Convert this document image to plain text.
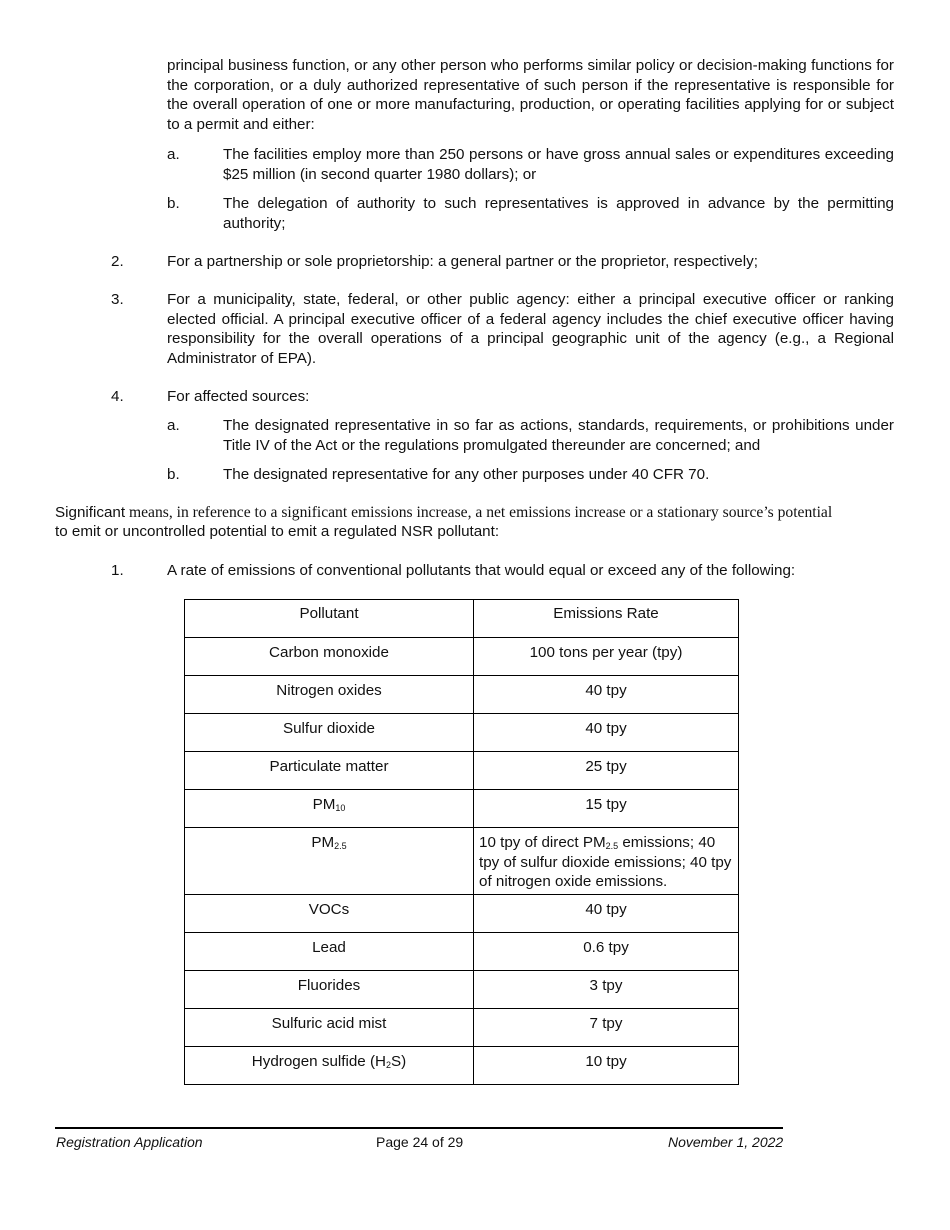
principal business function, or any other person who performs similar policy or decision-making functions for the corporation, or a duly authorized representative of such person if the representative is responsible for the overall operation of one or more manufacturing, production, or operating facilities applying for or subject to a permit and either:

a.	The facilities employ more than 250 persons or have gross annual sales or expenditures exceeding $25 million (in second quarter 1980 dollars); or

b.	The delegation of authority to such representatives is approved in advance by the permitting authority;

2.	For a partnership or sole proprietorship: a general partner or the proprietor, respectively;

3.	For a municipality, state, federal, or other public agency: either a principal executive officer or ranking elected official. A principal executive officer of a federal agency includes the chief executive officer having responsibility for the overall operations of a principal geographic unit of the agency (e.g., a Regional Administrator of EPA).

4.	For affected sources:

a.	The designated representative in so far as actions, standards, requirements, or prohibitions under Title IV of the Act or the regulations promulgated thereunder are concerned; and

b.	The designated representative for any other purposes under 40 CFR 70.

Significant means, in reference to a significant emissions increase, a net emissions increase or a stationary source’s potential

to emit or uncontrolled potential to emit a regulated NSR pollutant:

1.	A rate of emissions of conventional pollutants that would equal or exceed any of the following:

Pollutant	Emissions Rate
Carbon monoxide	100 tons per year (tpy)
Nitrogen oxides	40 tpy
Sulfur dioxide	40 tpy
Particulate matter	25 tpy
$PM_{10}$	15 tpy
$PM_{2.5}$	10 tpy of direct $PM_{2.5}$ emissions; 40 tpy of sulfur dioxide emissions; 40 tpy of nitrogen oxide emissions.
VOCs	40 tpy
Lead	0.6 tpy
Fluorides	3 tpy
Sulfuric acid mist	7 tpy
Hydrogen sulfide $(H_2S)$	10 tpy
Registration Application	Page 24 of 29	November 1, 2022
